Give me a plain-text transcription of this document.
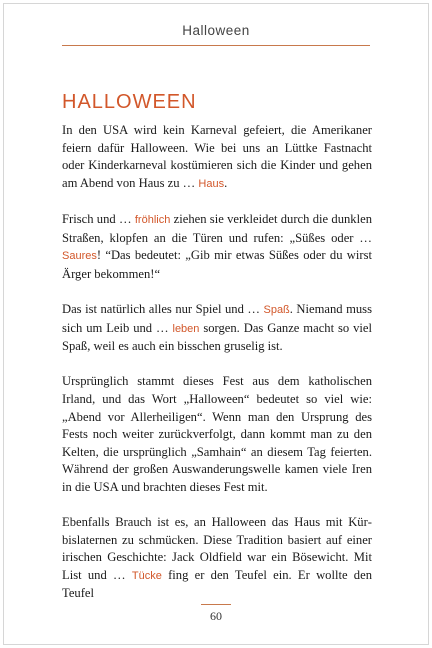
Halloween
HALLOWEEN

In den USA wird kein Karneval gefeiert, die Amerikaner feiern dafür Halloween. Wie bei uns an Lüttke Fastnacht oder Kinderkarneval kostümieren sich die Kinder und gehen am Abend von Haus zu … Haus.

Frisch und … fröhlich ziehen sie verkleidet durch die dunklen Straßen, klopfen an die Türen und rufen: „Süßes oder … Saures! “Das bedeutet: „Gib mir etwas Süßes oder du wirst Ärger bekommen!“

Das ist natürlich alles nur Spiel und … Spaß. Niemand muss sich um Leib und … leben sorgen. Das Ganze macht so viel Spaß, weil es auch ein bisschen gruselig ist.

Ursprünglich stammt dieses Fest aus dem katholischen Irland, und das Wort „Halloween“ bedeutet so viel wie: „Abend vor Allerheiligen“. Wenn man den Ursprung des Fests noch weiter zurückverfolgt, dann kommt man zu den Kelten, die ursprünglich „Samhain“ an diesem Tag feierten. Während der großen Auswanderungswelle kamen viele Iren in die USA und brachten dieses Fest mit.

Ebenfalls Brauch ist es, an Halloween das Haus mit Kürbislaternen zu schmücken. Diese Tradition basiert auf einer irischen Geschichte: Jack Oldfield war ein Bösewicht. Mit List und … Tücke fing er den Teufel ein. Er wollte den Teufel

60
